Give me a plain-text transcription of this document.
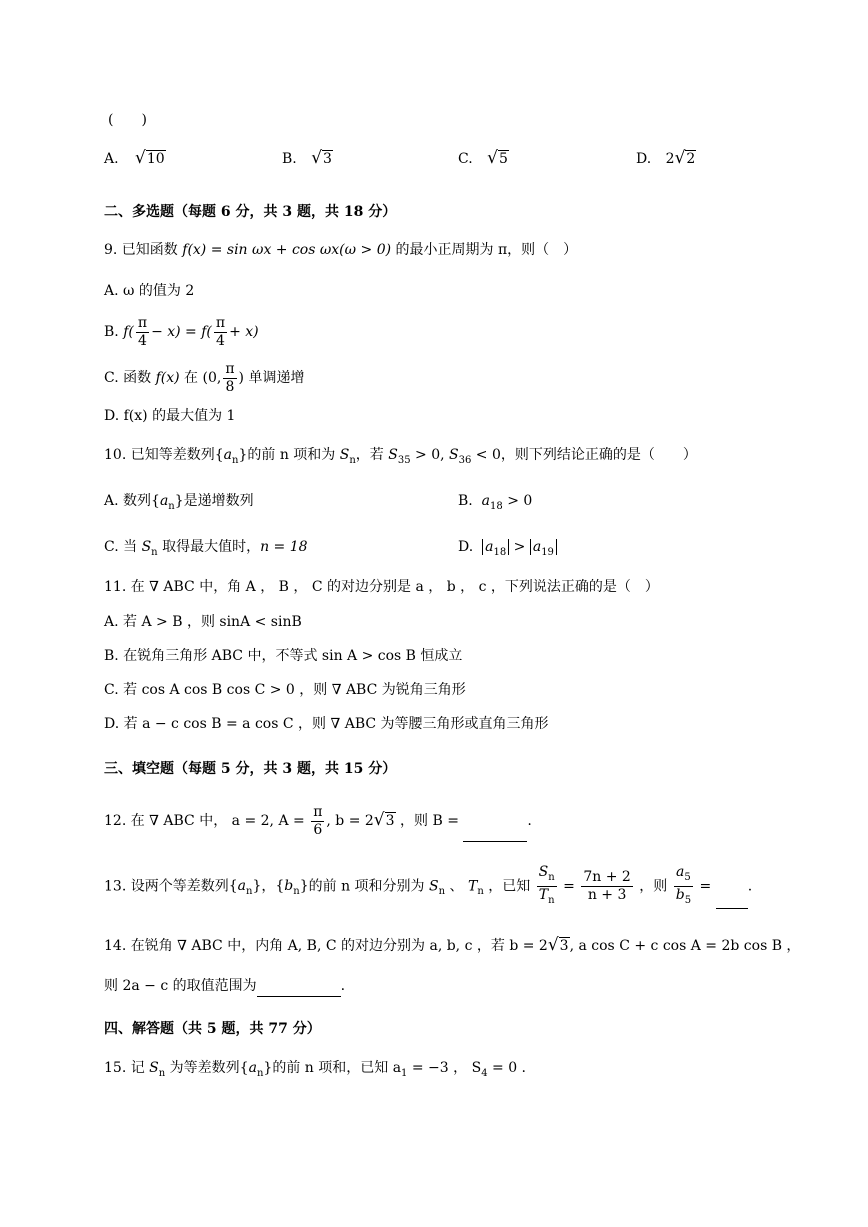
(　　)
A. √10	B. √3	C. √5	D. 2√2
二、多选题（每题 6 分，共 3 题，共 18 分）
9. 已知函数 f(x) = sin ωx + cos ωx(ω > 0) 的最小正周期为 π，则（　）
A. ω 的值为 2
B. $f( \frac{\pi}{4} - x) = f( \frac{\pi}{4} + x)$
C. 函数 f(x) 在 (0, $\frac{\pi}{8}$ ) 单调递增
D. f(x) 的最大值为 1
10. 已知等差数列$\{a_n\}$的前 n 项和为 $S_n$，若 $S_{35} > 0$, $S_{36} < 0$，则下列结论正确的是（　　）
A. 数列$\{a_n\}$是递增数列	B. $a_{18} > 0$
C. 当 $S_n$ 取得最大值时，n = 18	D. $a_{18} > a_{19}$
11. 在 ∇ ABC 中，角 A ， B ， C 的对边分别是 a ， b ， c ，下列说法正确的是（　）
A. 若 A > B ，则 sinA < sinB
B. 在锐角三角形 ABC 中，不等式 sin A > cos B 恒成立
C. 若 cos A cos B cos C > 0 ，则 ∇ ABC 为锐角三角形
D. 若 a − c cos B = a cos C ，则 ∇ ABC 为等腰三角形或直角三角形
三、填空题（每题 5 分，共 3 题，共 15 分）
12. 在 ∇ ABC 中， a = 2, $A = \frac{\pi}{6}$ , b = 2√3 ，则 B =	.
13. 设两个等差数列$\{a_n\}$，$\{b_n\}$的前 n 项和分别为 $S_n$ 、 $T_n$ ，已知 $\frac{S_n}{T_n} = \frac{7n + 2}{n + 3}$ ，则 $\frac{a_5}{b_5}$ =  .
14. 在锐角 ∇ ABC 中，内角 A, B, C 的对边分别为 a, b, c ，若 b = 2√3, a cos C + c cos A = 2b cos B ，
则 2a − c 的取值范围为	.
四、解答题（共 5 题，共 77 分）
15. 记 $S_n$ 为等差数列$\{a_n\}$的前 n 项和，已知 $a_1 = -3$ ， $S_4 = 0$ .
